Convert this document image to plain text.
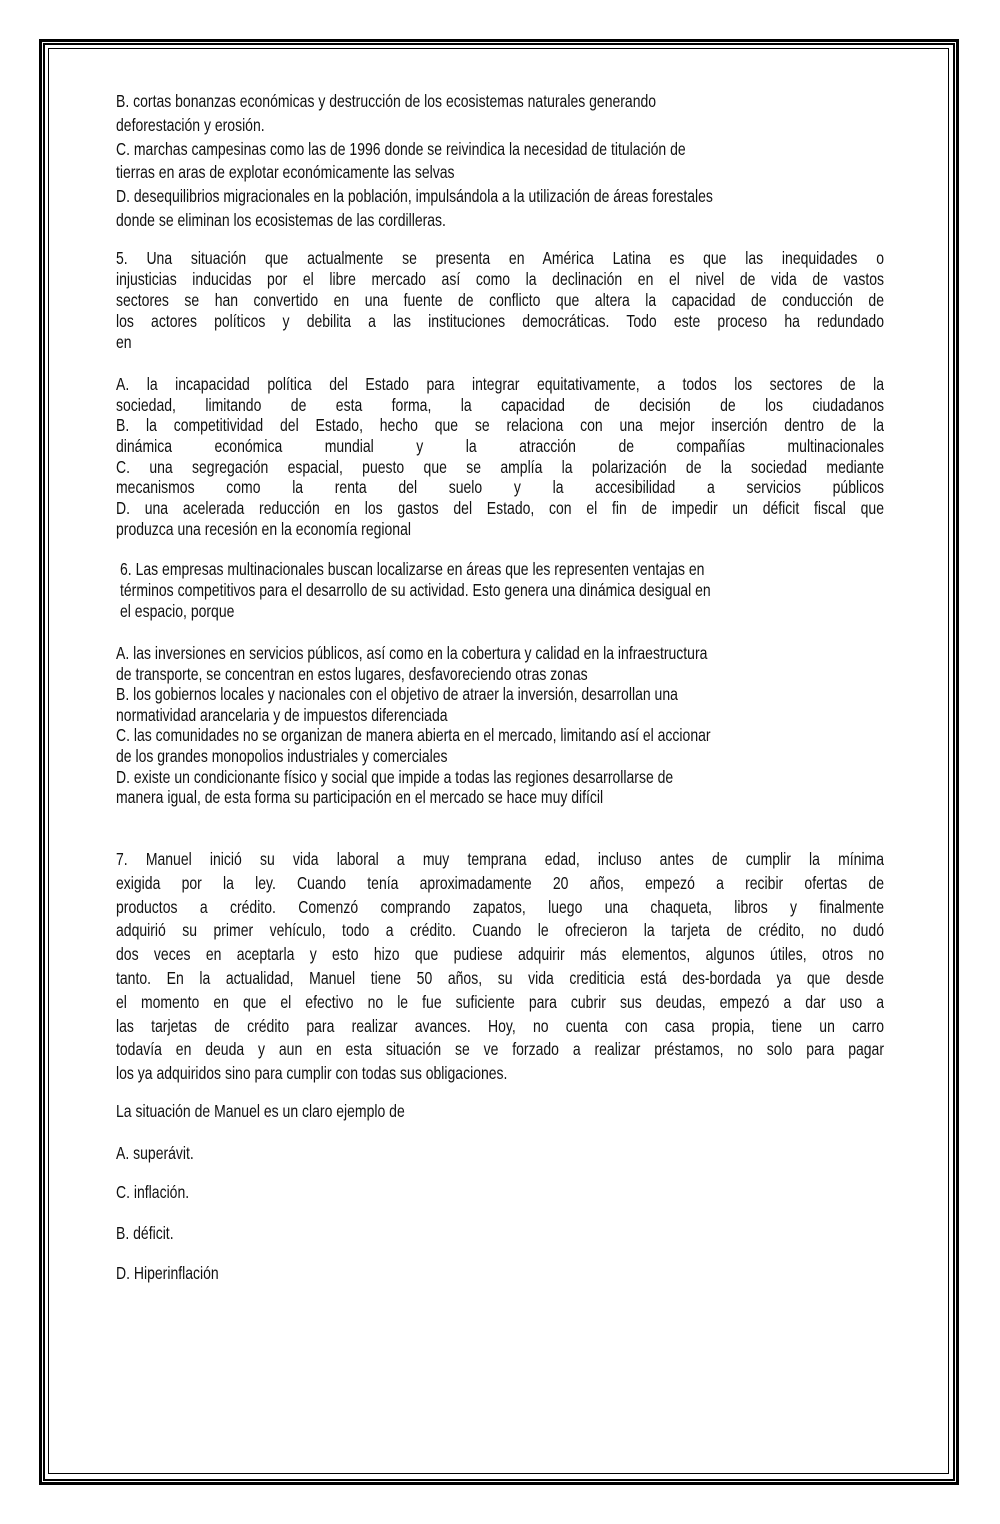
B. cortas bonanzas económicas y destrucción de los ecosistemas naturales generando
deforestación y erosión.
C. marchas campesinas como las de 1996 donde se reivindica la necesidad de titulación de
tierras en aras de explotar económicamente las selvas
D. desequilibrios migracionales en la población, impulsándola a la utilización de áreas forestales
donde se eliminan los ecosistemas de las cordilleras.
5. Una situación que actualmente se presenta en América Latina es que las inequidades o
injusticias inducidas por el libre mercado así como la declinación en el nivel de vida de vastos
sectores se han convertido en una fuente de conflicto que altera la capacidad de conducción de
los actores políticos y debilita a las instituciones democráticas. Todo este proceso ha redundado
en
A. la incapacidad política del Estado para integrar equitativamente, a todos los sectores de la
sociedad, limitando de esta forma, la capacidad de decisión de los ciudadanos
B. la competitividad del Estado, hecho que se relaciona con una mejor inserción dentro de la
dinámica económica mundial y la atracción de compañías multinacionales
C. una segregación espacial, puesto que se amplía la polarización de la sociedad mediante
mecanismos como la renta del suelo y la accesibilidad a servicios públicos
D. una acelerada reducción en los gastos del Estado, con el fin de impedir un déficit fiscal que
produzca una recesión en la economía regional
6. Las empresas multinacionales buscan localizarse en áreas que les representen ventajas en
términos competitivos para el desarrollo de su actividad. Esto genera una dinámica desigual en
el espacio, porque
A. las inversiones en servicios públicos, así como en la cobertura y calidad en la infraestructura
de transporte, se concentran en estos lugares, desfavoreciendo otras zonas
B. los gobiernos locales y nacionales con el objetivo de atraer la inversión, desarrollan una
normatividad arancelaria y de impuestos diferenciada
C. las comunidades no se organizan de manera abierta en el mercado, limitando así el accionar
de los grandes monopolios industriales y comerciales
D. existe un condicionante físico y social que impide a todas las regiones desarrollarse de
manera igual, de esta forma su participación en el mercado se hace muy difícil
7. Manuel inició su vida laboral a muy temprana edad, incluso antes de cumplir la mínima
exigida por la ley. Cuando tenía aproximadamente 20 años, empezó a recibir ofertas de
productos a crédito. Comenzó comprando zapatos, luego una chaqueta, libros y finalmente
adquirió su primer vehículo, todo a crédito. Cuando le ofrecieron la tarjeta de crédito, no dudó
dos veces en aceptarla y esto hizo que pudiese adquirir más elementos, algunos útiles, otros no
tanto. En la actualidad, Manuel tiene 50 años, su vida crediticia está des-bordada ya que desde
el momento en que el efectivo no le fue suficiente para cubrir sus deudas, empezó a dar uso a
las tarjetas de crédito para realizar avances. Hoy, no cuenta con casa propia, tiene un carro
todavía en deuda y aun en esta situación se ve forzado a realizar préstamos, no solo para pagar
los ya adquiridos sino para cumplir con todas sus obligaciones.
La situación de Manuel es un claro ejemplo de
A. superávit.
C. inflación.
B. déficit.
D. Hiperinflación
